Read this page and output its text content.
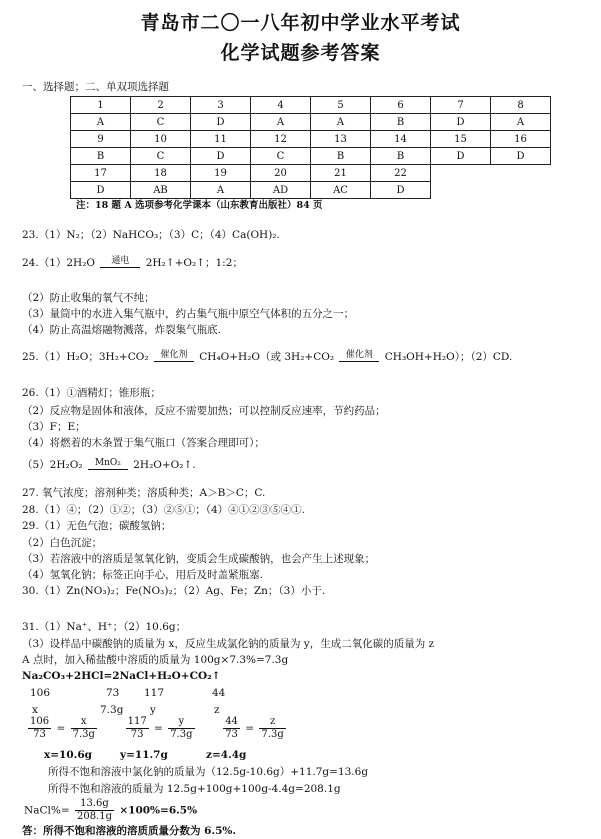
青岛市二〇一八年初中学业水平考试
化学试题参考答案
一、选择题；二、单双项选择题
1	2	3	4	5	6	7	8
A	C	D	A	A	B	D	A
9	10	11	12	13	14	15	16
B	C	D	C	B	B	D	D
17	18	19	20	21	22		
D	AB	A	AD	AC	D		
注：18 题 A 选项参考化学课本（山东教育出版社）84 页
23.（1）N₂；（2）NaHCO₃；（3）C；（4）Ca(OH)₂.
24.（1）2H₂O	通电	2H₂↑+O₂↑；1:2；
（2）防止收集的氧气不纯；
（3）量筒中的水进入集气瓶中，约占集气瓶中原空气体积的五分之一；
（4）防止高温熔融物溅落，炸裂集气瓶底.
25.（1）H₂O；3H₂+CO₂	催化剂	CH₄O+H₂O（或 3H₂+CO₂	催化剂	CH₃OH+H₂O）；（2）CD.
26.（1）①酒精灯；锥形瓶；
（2）反应物是固体和液体，反应不需要加热；可以控制反应速率，节约药品；
（3）F；E；
（4）将燃着的木条置于集气瓶口（答案合理即可）；
（5）2H₂O₂	MnO₂	2H₂O+O₂↑.
27. 氧气浓度；溶剂种类；溶质种类；A＞B＞C；C.
28.（1）④；（2）①②；（3）②⑤①；（4）④①②③⑤④①.
29.（1）无色气泡；碳酸氢钠；
（2）白色沉淀；
（3）若溶液中的溶质是氢氧化钠，变质会生成碳酸钠，也会产生上述现象；
（4）氢氧化钠；标签正向手心，用后及时盖紧瓶塞.
30.（1）Zn(NO₃)₂；Fe(NO₃)₂；（2）Ag、Fe；Zn；（3）小于.
31.（1）Na⁺、H⁺；（2）10.6g；
（3）设样品中碳酸钠的质量为 x，反应生成氯化钠的质量为 y，生成二氧化碳的质量为 z
A 点时，加入稀盐酸中溶质的质量为 100g×7.3%=7.3g
Na₂CO₃+2HCl=2NaCl+H₂O+CO₂↑
106	73 117	44
x	7.3g	y	z
$\frac{106}{73} = \frac{x}{7.3g}$
	$\frac{117}{73} = \frac{y}{7.3g}$
	$\frac{44}{73} = \frac{z}{7.3g}$
x=10.6g	y=11.7g	z=4.4g
所得不饱和溶液中氯化钠的质量为（12.5g-10.6g）+11.7g=13.6g
所得不饱和溶液的质量为 12.5g+100g+100g-4.4g=208.1g
NaCl%= $\frac{13.6g}{208.1g} \times 100\%=6.5\%$
答：所得不饱和溶液的溶质质量分数为 6.5%.
